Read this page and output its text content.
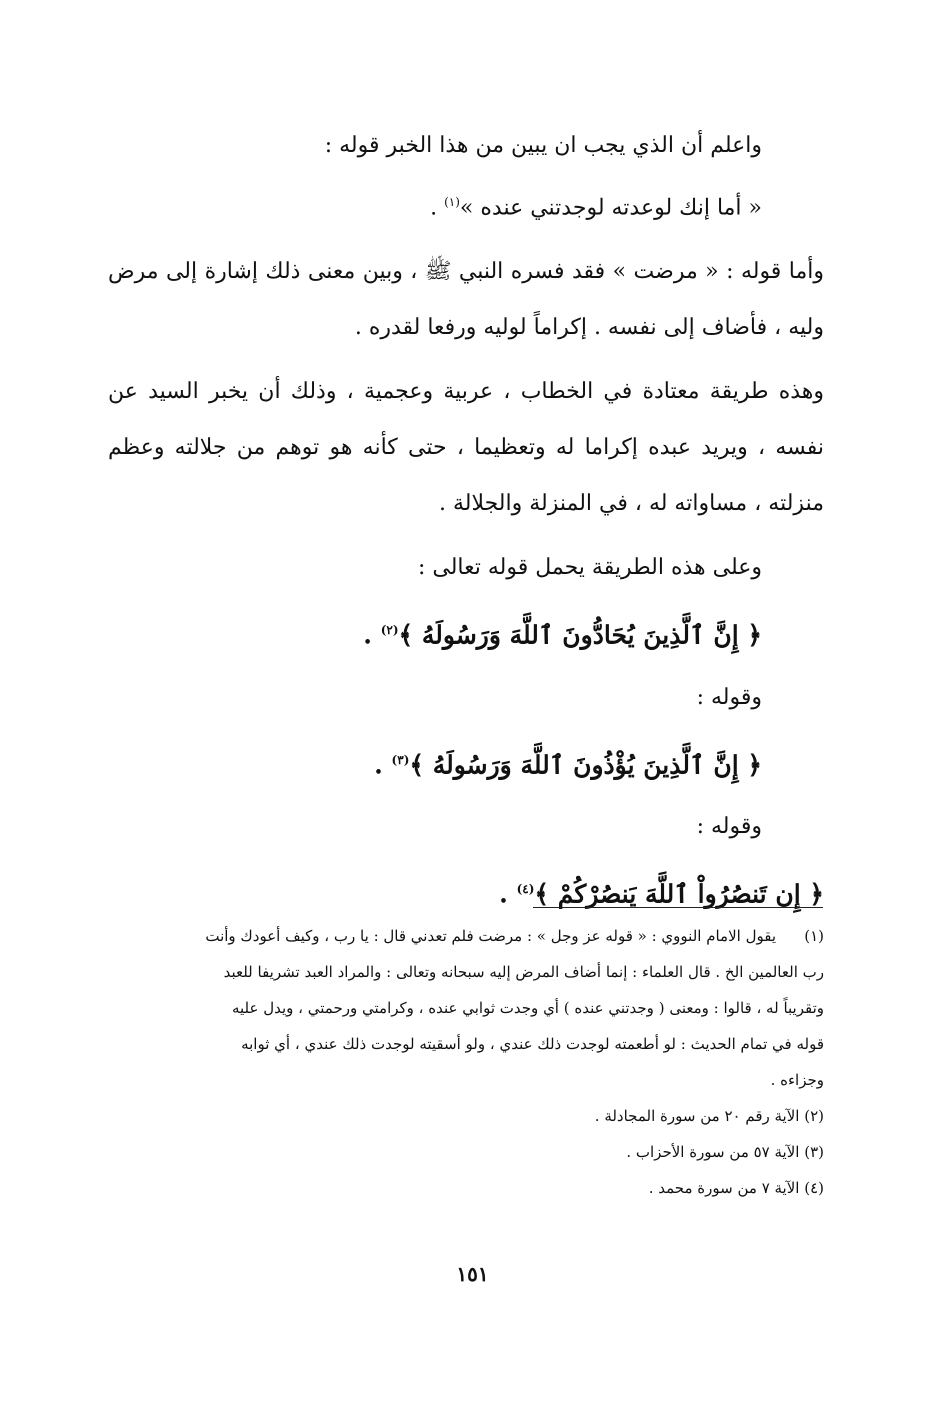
واعلم أن الذي يجب ان يبين من هذا الخبر قوله :
« أما إنك لوعدته لوجدتني عنده »$^{(١)}$ .
وأما قوله : « مرضت » فقد فسره النبي ﷺ ، وبين معنى ذلك إشارة إلى مرض
وليه ، فأضاف إلى نفسه . إكراماً لوليه ورفعا لقدره .
وهذه طريقة معتادة في الخطاب ، عربية وعجمية ، وذلك أن يخبر السيد عن
نفسه ، ويريد عبده إكراما له وتعظيما ، حتى كأنه هو توهم من جلالته وعظم
منزلته ، مساواته له ، في المنزلة والجلالة .
وعلى هذه الطريقة يحمل قوله تعالى :
﴿ إِنَّ ٱلَّذِينَ يُحَادُّونَ ٱللَّهَ وَرَسُولَهُ ﴾$^{(٢)}$ .
وقوله :
﴿ إِنَّ ٱلَّذِينَ يُؤْذُونَ ٱللَّهَ وَرَسُولَهُ ﴾$^{(٣)}$ .
وقوله :
﴿ إِن تَنصُرُواْ ٱللَّهَ يَنصُرْكُمْ ﴾$^{(٤)}$ .
(١)يقول الامام النووي : « قوله عز وجل » : مرضت فلم تعدني قال : يا رب ، وكيف أعودك وأنت
رب العالمين الخ . قال العلماء : إنما أضاف المرض إليه سبحانه وتعالى : والمراد العبد تشريفا للعبد
وتقريباً له ، قالوا : ومعنى ( وجدتني عنده ) أي وجدت ثوابي عنده ، وكرامتي ورحمتي ، ويدل عليه
قوله في تمام الحديث : لو أطعمته لوجدت ذلك عندي ، ولو أسقيته لوجدت ذلك عندي ، أي ثوابه
وجزاءه .
(٢) الآية رقم ٢٠ من سورة المجادلة .
(٣) الآية ٥٧ من سورة الأحزاب .
(٤) الآية ٧ من سورة محمد .
١٥١
